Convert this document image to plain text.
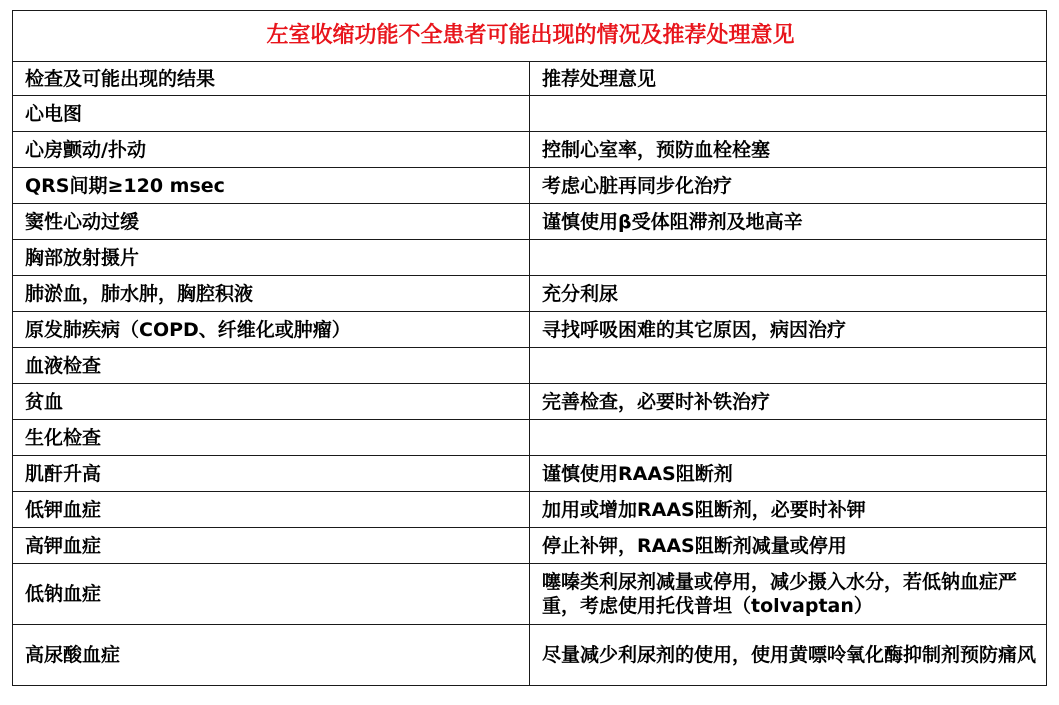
左室收缩功能不全患者可能出现的情况及推荐处理意见	
检查及可能出现的结果	推荐处理意见
心电图	
心房颤动/扑动	控制心室率，预防血栓栓塞
QRS间期≥120 msec	考虑心脏再同步化治疗
窦性心动过缓	谨慎使用β受体阻滞剂及地高辛
胸部放射摄片	
肺淤血，肺水肿，胸腔积液	充分利尿
原发肺疾病（COPD、纤维化或肿瘤）	寻找呼吸困难的其它原因，病因治疗
血液检查	
贫血	完善检查，必要时补铁治疗
生化检查	
肌酐升高	谨慎使用RAAS阻断剂
低钾血症	加用或增加RAAS阻断剂，必要时补钾
高钾血症	停止补钾，RAAS阻断剂减量或停用
低钠血症	噻嗪类利尿剂减量或停用，减少摄入水分，若低钠血症严重，考虑使用托伐普坦（tolvaptan）
高尿酸血症	尽量减少利尿剂的使用，使用黄嘌呤氧化酶抑制剂预防痛风
